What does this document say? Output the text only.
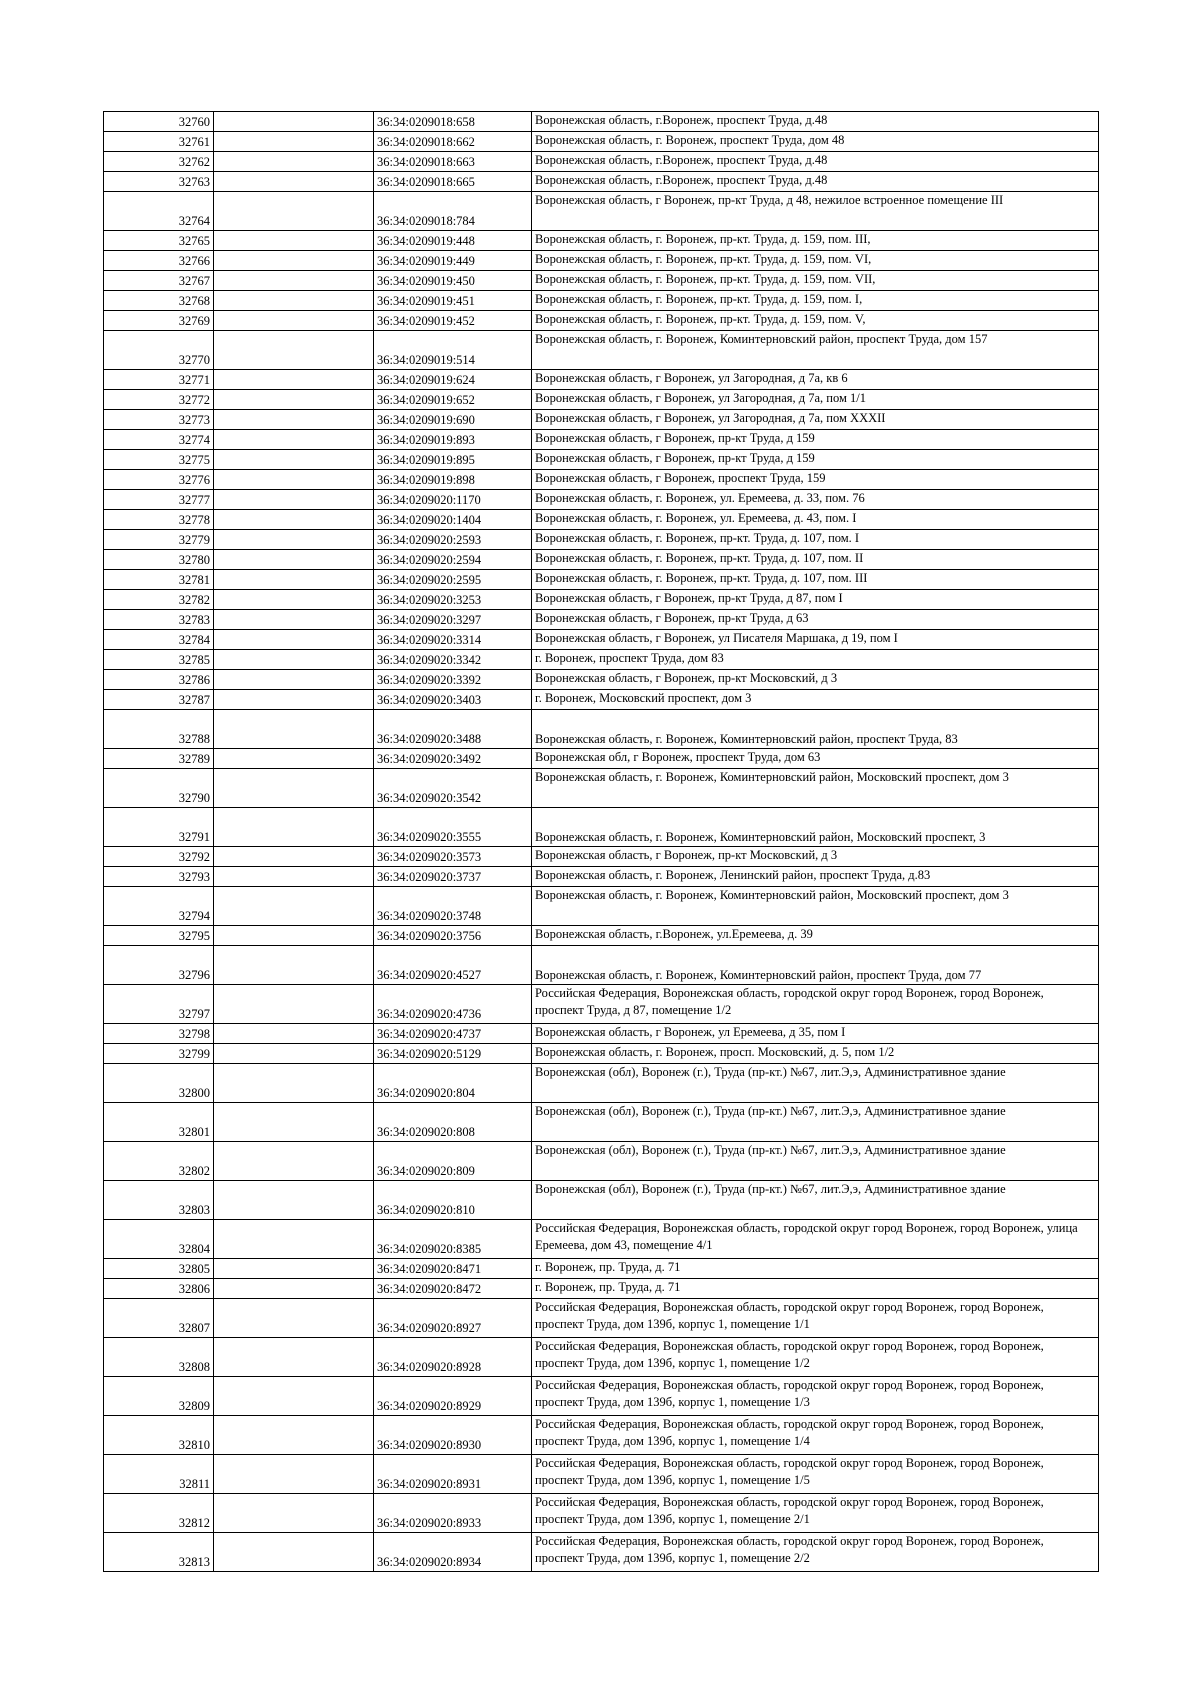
32760		36:34:0209018:658	Воронежская область, г.Воронеж, проспект Труда, д.48
32761		36:34:0209018:662	Воронежская область, г. Воронеж, проспект Труда, дом 48
32762		36:34:0209018:663	Воронежская область, г.Воронеж, проспект Труда, д.48
32763		36:34:0209018:665	Воронежская область, г.Воронеж, проспект Труда, д.48
32764		36:34:0209018:784	Воронежская область, г Воронеж, пр-кт Труда, д 48, нежилое встроенное помещение III
32765		36:34:0209019:448	Воронежская область, г. Воронеж, пр-кт. Труда, д. 159, пом. III,
32766		36:34:0209019:449	Воронежская область, г. Воронеж, пр-кт. Труда, д. 159, пом. VI,
32767		36:34:0209019:450	Воронежская область, г. Воронеж, пр-кт. Труда, д. 159, пом. VII,
32768		36:34:0209019:451	Воронежская область, г. Воронеж, пр-кт. Труда, д. 159, пом. I,
32769		36:34:0209019:452	Воронежская область, г. Воронеж, пр-кт. Труда, д. 159, пом. V,
32770		36:34:0209019:514	Воронежская область, г. Воронеж, Коминтерновский район, проспект Труда, дом 157
32771		36:34:0209019:624	Воронежская область, г Воронеж, ул Загородная, д 7а, кв 6
32772		36:34:0209019:652	Воронежская область, г Воронеж, ул Загородная, д 7а, пом 1/1
32773		36:34:0209019:690	Воронежская область, г Воронеж, ул Загородная, д 7а, пом XXXII
32774		36:34:0209019:893	Воронежская область, г Воронеж, пр-кт Труда, д 159
32775		36:34:0209019:895	Воронежская область, г Воронеж, пр-кт Труда, д 159
32776		36:34:0209019:898	Воронежская область, г Воронеж, проспект Труда, 159
32777		36:34:0209020:1170	Воронежская область, г. Воронеж, ул. Еремеева, д. 33, пом. 76
32778		36:34:0209020:1404	Воронежская область, г. Воронеж, ул. Еремеева, д. 43, пом. I
32779		36:34:0209020:2593	Воронежская область, г. Воронеж, пр-кт. Труда, д. 107, пом. I
32780		36:34:0209020:2594	Воронежская область, г. Воронеж, пр-кт. Труда, д. 107, пом. II
32781		36:34:0209020:2595	Воронежская область, г. Воронеж, пр-кт. Труда, д. 107, пом. III
32782		36:34:0209020:3253	Воронежская область, г Воронеж, пр-кт Труда, д 87, пом I
32783		36:34:0209020:3297	Воронежская область, г Воронеж, пр-кт Труда, д 63
32784		36:34:0209020:3314	Воронежская область, г Воронеж, ул Писателя Маршака, д 19, пом I
32785		36:34:0209020:3342	г. Воронеж, проспект Труда, дом 83
32786		36:34:0209020:3392	Воронежская область, г Воронеж, пр-кт Московский, д 3
32787		36:34:0209020:3403	г. Воронеж, Московский проспект, дом 3
32788		36:34:0209020:3488	Воронежская область, г. Воронеж, Коминтерновский район, проспект Труда, 83
32789		36:34:0209020:3492	Воронежская обл, г Воронеж, проспект Труда, дом 63
32790		36:34:0209020:3542	Воронежская область, г. Воронеж, Коминтерновский район, Московский проспект, дом 3
32791		36:34:0209020:3555	Воронежская область, г. Воронеж, Коминтерновский район, Московский проспект, 3
32792		36:34:0209020:3573	Воронежская область, г Воронеж, пр-кт Московский, д 3
32793		36:34:0209020:3737	Воронежская область, г. Воронеж, Ленинский район, проспект Труда, д.83
32794		36:34:0209020:3748	Воронежская область, г. Воронеж, Коминтерновский район, Московский проспект, дом 3
32795		36:34:0209020:3756	Воронежская область, г.Воронеж, ул.Еремеева, д. 39
32796		36:34:0209020:4527	Воронежская область, г. Воронеж, Коминтерновский район, проспект Труда, дом 77
32797		36:34:0209020:4736	Российская Федерация, Воронежская область, городской округ город Воронеж, город Воронеж, проспект Труда, д 87, помещение 1/2
32798		36:34:0209020:4737	Воронежская область, г Воронеж, ул Еремеева, д 35, пом I
32799		36:34:0209020:5129	Воронежская область, г. Воронеж, просп. Московский, д. 5, пом 1/2
32800		36:34:0209020:804	Воронежская (обл), Воронеж (г.), Труда (пр-кт.) №67, лит.Э,э, Административное здание
32801		36:34:0209020:808	Воронежская (обл), Воронеж (г.), Труда (пр-кт.) №67, лит.Э,э, Административное здание
32802		36:34:0209020:809	Воронежская (обл), Воронеж (г.), Труда (пр-кт.) №67, лит.Э,э, Административное здание
32803		36:34:0209020:810	Воронежская (обл), Воронеж (г.), Труда (пр-кт.) №67, лит.Э,э, Административное здание
32804		36:34:0209020:8385	Российская Федерация, Воронежская область, городской округ город Воронеж, город Воронеж, улица Еремеева, дом 43, помещение 4/1
32805		36:34:0209020:8471	г. Воронеж, пр. Труда, д. 71
32806		36:34:0209020:8472	г. Воронеж, пр. Труда, д. 71
32807		36:34:0209020:8927	Российская Федерация, Воронежская область, городской округ город Воронеж, город Воронеж, проспект Труда, дом 139б, корпус 1, помещение 1/1
32808		36:34:0209020:8928	Российская Федерация, Воронежская область, городской округ город Воронеж, город Воронеж, проспект Труда, дом 139б, корпус 1, помещение 1/2
32809		36:34:0209020:8929	Российская Федерация, Воронежская область, городской округ город Воронеж, город Воронеж, проспект Труда, дом 139б, корпус 1, помещение 1/3
32810		36:34:0209020:8930	Российская Федерация, Воронежская область, городской округ город Воронеж, город Воронеж, проспект Труда, дом 139б, корпус 1, помещение 1/4
32811		36:34:0209020:8931	Российская Федерация, Воронежская область, городской округ город Воронеж, город Воронеж, проспект Труда, дом 139б, корпус 1, помещение 1/5
32812		36:34:0209020:8933	Российская Федерация, Воронежская область, городской округ город Воронеж, город Воронеж, проспект Труда, дом 139б, корпус 1, помещение 2/1
32813		36:34:0209020:8934	Российская Федерация, Воронежская область, городской округ город Воронеж, город Воронеж, проспект Труда, дом 139б, корпус 1, помещение 2/2
